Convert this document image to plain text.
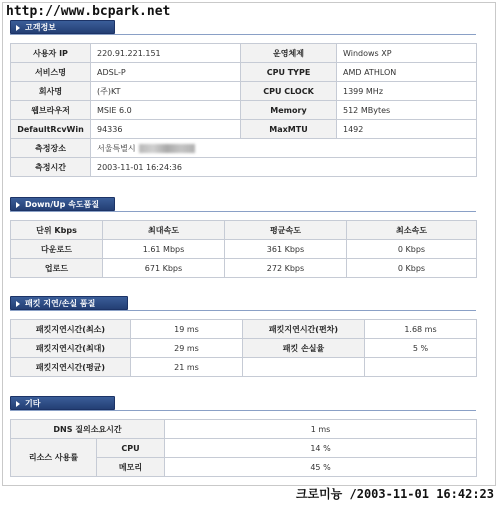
http://www.bcpark.net
고객정보
사용자 IP	220.91.221.151	운영체제	Windows XP
서비스명	ADSL-P	CPU TYPE	AMD ATHLON
회사명	(주)KT	CPU CLOCK	1399 MHz
웹브라우저	MSIE 6.0	Memory	512 MBytes
DefaultRcvWin	94336	MaxMTU	1492
측정장소	서울특별시		
측정시간	2003-11-01 16:24:36		
Down/Up 속도품질
단위 Kbps	최대속도	평균속도	최소속도
다운로드	1.61 Mbps	361 Kbps	0 Kbps
업로드	671 Kbps	272 Kbps	0 Kbps
패킷 지연/손실 품질
패킷지연시간(최소)	19 ms	패킷지연시간(편차)	1.68 ms
패킷지연시간(최대)	29 ms	패킷 손실율	5 %
패킷지연시간(평균)	21 ms		
기타
DNS 질의소요시간		1 ms
리소스 사용률	CPU	14 %
	메모리	45 %
크로미늉 /2003-11-01 16:42:23
